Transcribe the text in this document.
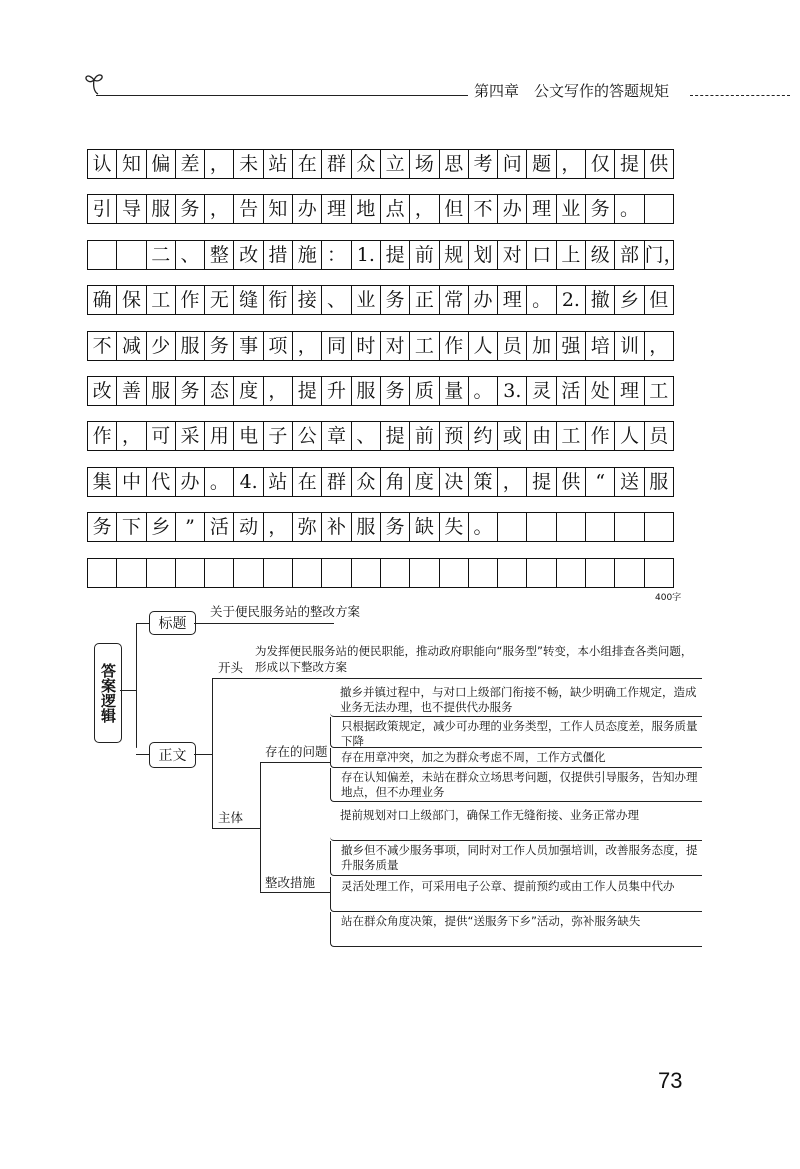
第四章　公文写作的答题规矩
认 知 偏 差 ， 未 站 在 群 众 立 场 思 考 问 题 ， 仅 提 供
引 导 服 务 ， 告 知 办 理 地 点 ， 但 不 办 理 业 务 。
二 、 整 改 措 施 ： 1. 提 前 规 划 对 口 上 级 部 门，
确 保 工 作 无 缝 衔 接 、 业 务 正 常 办 理 。 2. 撤 乡 但
不 减 少 服 务 事 项 ， 同 时 对 工 作 人 员 加 强 培 训 ，
改 善 服 务 态 度 ， 提 升 服 务 质 量 。 3. 灵 活 处 理 工
作 ， 可 采 用 电 子 公 章 、 提 前 预 约 或 由 工 作 人 员
集 中 代 办 。 4. 站 在 群 众 角 度 决 策 ， 提 供 “ 送 服
务 下 乡 ” 活 动 ， 弥 补 服 务 缺 失 。
400字
答案逻辑
标题
关于便民服务站的整改方案
正文
开头
为发挥便民服务站的便民职能，推动政府职能向“服务型”转变，本小组排查各类问题，形成以下整改方案
主体
存在的问题
整改措施
撤乡并镇过程中，与对口上级部门衔接不畅，缺少明确工作规定，造成业务无法办理，也不提供代办服务
只根据政策规定，减少可办理的业务类型，工作人员态度差，服务质量下降
存在用章冲突，加之为群众考虑不周，工作方式僵化
存在认知偏差，未站在群众立场思考问题，仅提供引导服务，告知办理地点，但不办理业务
提前规划对口上级部门，确保工作无缝衔接、业务正常办理
撤乡但不减少服务事项，同时对工作人员加强培训，改善服务态度，提升服务质量
灵活处理工作，可采用电子公章、提前预约或由工作人员集中代办
站在群众角度决策，提供“送服务下乡”活动，弥补服务缺失
73
